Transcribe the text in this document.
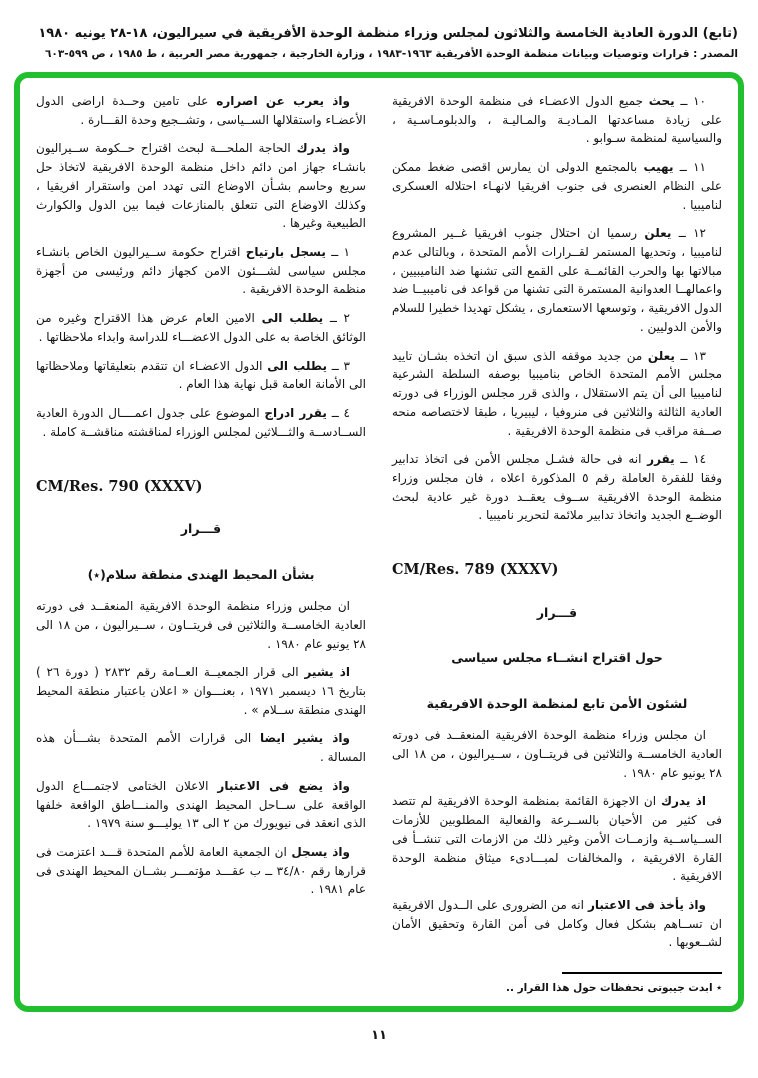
(تابع) الدورة العادية الخامسة والثلاثون لمجلس وزراء منظمة الوحدة الأفريقية في سيراليون، ١٨-٢٨ يونيه ١٩٨٠
المصدر : قرارات وتوصيات وبيانات منظمة الوحدة الأفريقية ١٩٦٣-١٩٨٣ ، وزارة الخارجية ، جمهورية مصر العربية ، ط ١٩٨٥ ، ص ٥٩٩-٦٠٣

١٠ ــ يحث جميع الدول الاعضـاء فى منظمة الوحدة الافريقية على زيادة مساعدتها المـاديـة والمـاليـة ، والدبلومـاسـية ، والسياسية لمنظمة سـوابو .

١١ ــ يهيب بالمجتمع الدولى ان يمارس اقصى ضغط ممكن على النظام العنصرى فى جنوب افريقيا لانهـاء احتلاله العسكرى لناميبيا .

١٢ ــ يعلن رسميا ان احتلال جنوب افريقيا غــير المشروع لناميبيا ، وتحديها المستمر لقــرارات الأمم المتحدة ، وبالتالى عدم مبالاتها بها والحرب القائمــة على القمع التى تشنها ضد الناميبيين ، واعمالهــا العدوانية المستمرة التى تشنها من قواعد فى ناميبيــا ضد الدول الافريقية ، وتوسعها الاستعمارى ، يشكل تهديدا خطيرا للسلام والأمن الدوليين .

١٣ ــ يعلن من جديد موقفه الذى سبق ان اتخذه بشـان تاييد مجلس الأمم المتحدة الخاص بناميبيا بوصفه السلطة الشرعية لناميبيا الى أن يتم الاستقلال ، والذى قرر مجلس الوزراء فى دورته العادية الثالثة والثلاثين فى منروفيا ، ليبيريا ، طبقا لاختصاصه منحه صــفة مراقب فى منظمة الوحدة الافريقية .

١٤ ــ يقرر انه فى حالة فشـل مجلس الأمن فى اتخاذ تدابير وفقا للفقرة العاملة رقم ٥ المذكورة اعلاه ، فان مجلس وزراء منظمة الوحدة الافريقية ســوف يعقــد دورة غير عادية لبحث الوضــع الجديد واتخاذ تدابير ملائمة لتحرير ناميبيا .

CM/Res. 789 (XXXV)
قـــرار
حول اقتراح انشــاء مجلس سياسى
لشئون الأمن تابع لمنظمة الوحدة الافريقية

ان مجلس وزراء منظمة الوحدة الافريقية المنعقــد فى دورته العادية الخامســة والثلاثين فى فريتــاون ، ســيراليون ، من ١٨ الى ٢٨ يونيو عام ١٩٨٠ .

اذ يدرك ان الاجهزة القائمة بمنظمة الوحدة الافريقية لم تتصد فى كثير من الأحيان بالســرعة والفعالية المطلوبين للأزمات الســياســية وازمــات الأمن وغير ذلك من الازمات التى تنشــأ فى القارة الافريقية ، والمخالفات لمبـــادىء ميثاق منظمة الوحدة الافريقية .

واذ يأخذ فى الاعتبار انه من الضرورى على الــدول الافريقية ان تســاهم بشكل فعال وكامل فى أمن القارة وتحقيق الأمان لشــعوبها .

٭ ابدت جيبوتى تحفظات حول هذا القرار ..

واذ يعرب عن اصراره على تامين وحــدة اراضى الدول الأعضـاء واستقلالها الســياسى ، وتشــجيع وحدة القـــارة .

واذ يدرك الحاجة الملحـــة لبحث اقتراح حــكومة ســيراليون بانشـاء جهاز امن دائم داخل منظمة الوحدة الافريقية لاتخاذ حل سريع وحاسم بشـأن الاوضاع التى تهدد امن واستقرار افريقيا ، وكذلك الاوضاع التى تتعلق بالمنازعات فيما بين الدول والكوارث الطبيعية وغيرها .

١ ــ يسجل بارتياح اقتراح حكومة ســيراليون الخاص بانشـاء مجلس سياسى لشـــئون الامن كجهاز دائم ورئيسى من أجهزة منظمة الوحدة الافريقية .

٢ ــ يطلب الى الامين العام عرض هذا الاقتراح وغيره من الوثائق الخاصة به على الدول الاعضـــاء للدراسة وابداء ملاحظاتها .

٣ ــ يطلب الى الدول الاعضـاء ان تتقدم بتعليقاتها وملاحظاتها الى الأمانة العامة قبل نهاية هذا العام .

٤ ــ يقرر ادراج الموضوع على جدول اعمــــال الدورة العادية الســادســة والثـــلاثين لمجلس الوزراء لمناقشته مناقشــة كاملة .

CM/Res. 790 (XXXV)
قـــرار
بشأن المحيط الهندى منطقة سلام(٭)

ان مجلس وزراء منظمة الوحدة الافريقية المنعقــد فى دورته العادية الخامســة والثلاثين فى فريتــاون ، ســيراليون ، من ١٨ الى ٢٨ يونيو عام ١٩٨٠ .

اذ يشير الى قرار الجمعيــة العــامة رقم ٢٨٣٢ ( دورة ٢٦ ) بتاريخ ١٦ ديسمبر ١٩٧١ ، بعنـــوان « اعلان باعتبار منطقة المحيط الهندى منطقة ســلام » .

واذ يشير ايضا الى قرارات الأمم المتحدة بشـــأن هذه المسالة .

واذ يضع فى الاعتبار الاعلان الختامى لاجتمـــاع الدول الواقعة على ســاحل المحيط الهندى والمنـــاطق الواقعة خلفها الذى انعقد فى نيويورك من ٢ الى ١٣ يوليـــو سنة ١٩٧٩ .

واذ يسجل ان الجمعية العامة للأمم المتحدة قـــد اعتزمت فى قرارها رقم ٣٤/٨٠ ــ ب عقـــد مؤتمـــر بشــان المحيط الهندى فى عام ١٩٨١ .

١١
